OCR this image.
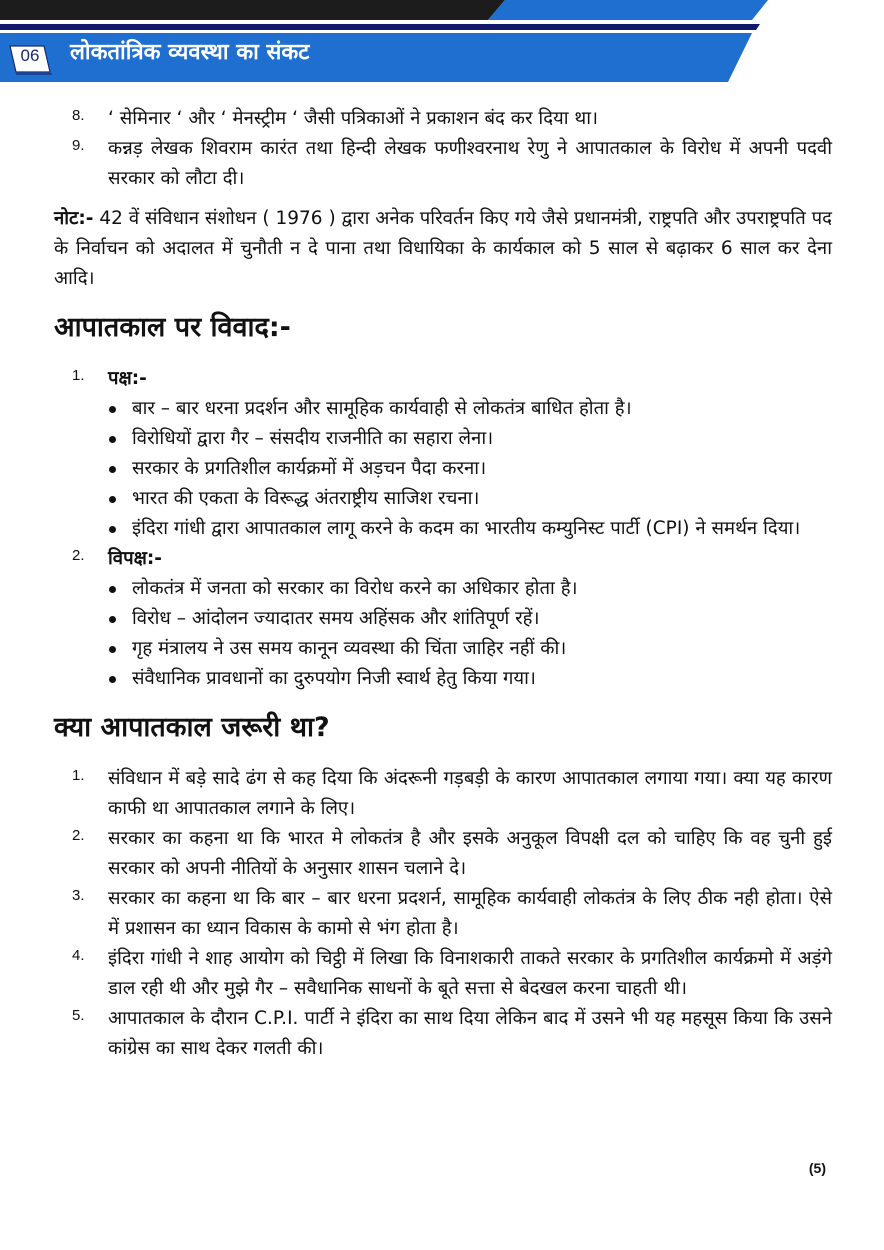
06	लोकतांत्रिक व्यवस्था का संकट
8.	‘ सेमिनार ‘ और ‘ मेनस्ट्रीम ‘ जैसी पत्रिकाओं ने प्रकाशन बंद कर दिया था।
9.	कन्नड़ लेखक शिवराम कारंत तथा हिन्दी लेखक फणीश्वरनाथ रेणु ने आपातकाल के विरोध में अपनी पदवी सरकार को लौटा दी।

नोट:- 42 वें संविधान संशोधन ( 1976 ) द्वारा अनेक परिवर्तन किए गये जैसे प्रधानमंत्री, राष्ट्रपति और उपराष्ट्रपति पद के निर्वाचन को अदालत में चुनौती न दे पाना तथा विधायिका के कार्यकाल को 5 साल से बढ़ाकर 6 साल कर देना आदि।

आपातकाल पर विवाद:-
1.	पक्ष:-
बार – बार धरना प्रदर्शन और सामूहिक कार्यवाही से लोकतंत्र बाधित होता है।
विरोधियों द्वारा गैर – संसदीय राजनीति का सहारा लेना।
सरकार के प्रगतिशील कार्यक्रमों में अड़चन पैदा करना।
भारत की एकता के विरूद्ध अंतराष्ट्रीय साजिश रचना।
इंदिरा गांधी द्वारा आपातकाल लागू करने के कदम का भारतीय कम्युनिस्ट पार्टी (CPI) ने समर्थन दिया।
2.	विपक्ष:-
लोकतंत्र में जनता को सरकार का विरोध करने का अधिकार होता है।
विरोध – आंदोलन ज्यादातर समय अहिंसक और शांतिपूर्ण रहें।
गृह मंत्रालय ने उस समय कानून व्यवस्था की चिंता जाहिर नहीं की।
संवैधानिक प्रावधानों का दुरुपयोग निजी स्वार्थ हेतु किया गया।
क्या आपातकाल जरूरी था?
1.	संविधान में बड़े सादे ढंग से कह दिया कि अंदरूनी गड़बड़ी के कारण आपातकाल लगाया गया। क्या यह कारण काफी था आपातकाल लगाने के लिए।
2.	सरकार का कहना था कि भारत मे लोकतंत्र है और इसके अनुकूल विपक्षी दल को चाहिए कि वह चुनी हुई सरकार को अपनी नीतियों के अनुसार शासन चलाने दे।
3.	सरकार का कहना था कि बार – बार धरना प्रदशर्न, सामूहिक कार्यवाही लोकतंत्र के लिए ठीक नही होता। ऐसे में प्रशासन का ध्यान विकास के कामो से भंग होता है।
4.	इंदिरा गांधी ने शाह आयोग को चिट्ठी में लिखा कि विनाशकारी ताकते सरकार के प्रगतिशील कार्यक्रमो में अड़ंगे डाल रही थी और मुझे गैर – सवैधानिक साधनों के बूते सत्ता से बेदखल करना चाहती थी।
5.	आपातकाल के दौरान C.P.I. पार्टी ने इंदिरा का साथ दिया लेकिन बाद में उसने भी यह महसूस किया कि उसने कांग्रेस का साथ देकर गलती की।
(5)
